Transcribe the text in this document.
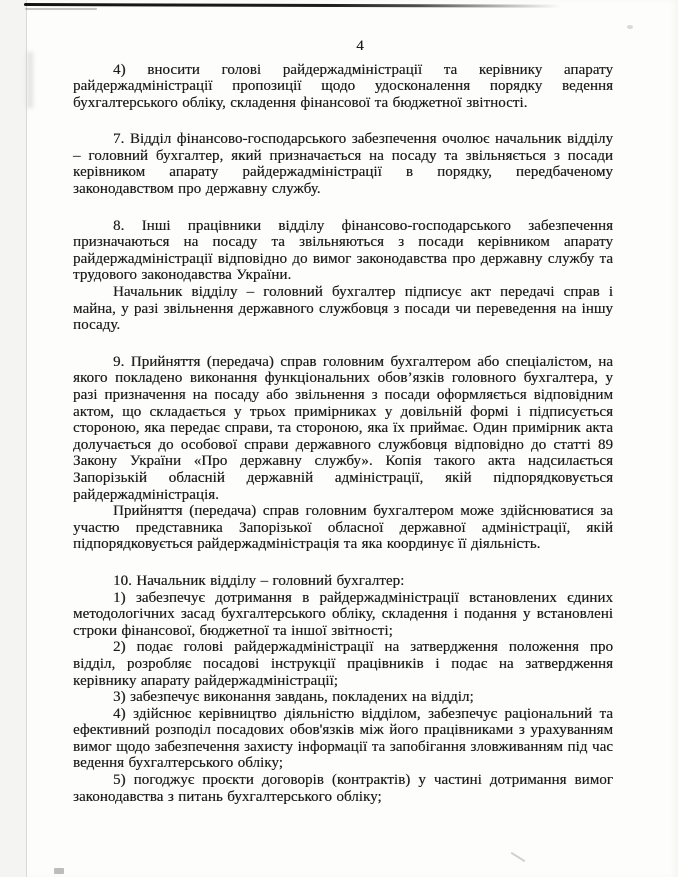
4

4) вносити голові райдержадміністрації та керівнику апарату райдержадміністрації пропозиції щодо удосконалення порядку ведення бухгалтерського обліку, складення фінансової та бюджетної звітності.

7. Відділ фінансово-господарського забезпечення очолює начальник відділу – головний бухгалтер, який призначається на посаду та звільняється з посади керівником апарату райдержадміністрації в порядку, передбаченому законодавством про державну службу.

8. Інші працівники відділу фінансово-господарського забезпечення призначаються на посаду та звільняються з посади керівником апарату райдержадміністрації відповідно до вимог законодавства про державну службу та трудового законодавства України.

Начальник відділу – головний бухгалтер підписує акт передачі справ і майна, у разі звільнення державного службовця з посади чи переведення на іншу посаду.

9. Прийняття (передача) справ головним бухгалтером або спеціалістом, на якого покладено виконання функціональних обов’язків головного бухгалтера, у разі призначення на посаду або звільнення з посади оформляється відповідним актом, що складається у трьох примірниках у довільній формі і підписується стороною, яка передає справи, та стороною, яка їх приймає. Один примірник акта долучається до особової справи державного службовця відповідно до статті 89 Закону України «Про державну службу». Копія такого акта надсилається Запорізькій обласній державній адміністрації, якій підпорядковується райдержадміністрація.

Прийняття (передача) справ головним бухгалтером може здійснюватися за участю представника Запорізької обласної державної адміністрації, якій підпорядковується райдержадміністрація та яка координує її діяльність.

10. Начальник відділу – головний бухгалтер:

1) забезпечує дотримання в райдержадміністрації встановлених єдиних методологічних засад бухгалтерського обліку, складення і подання у встановлені строки фінансової, бюджетної та іншої звітності;

2) подає голові райдержадміністрації на затвердження положення про відділ, розробляє посадові інструкції працівників і подає на затвердження керівнику апарату райдержадміністрації;

3) забезпечує виконання завдань, покладених на відділ;

4) здійснює керівництво діяльністю відділом, забезпечує раціональний та ефективний розподіл посадових обов'язків між його працівниками з урахуванням вимог щодо забезпечення захисту інформації та запобігання зловживанням під час ведення бухгалтерського обліку;

5) погоджує проєкти договорів (контрактів) у частині дотримання вимог законодавства з питань бухгалтерського обліку;
